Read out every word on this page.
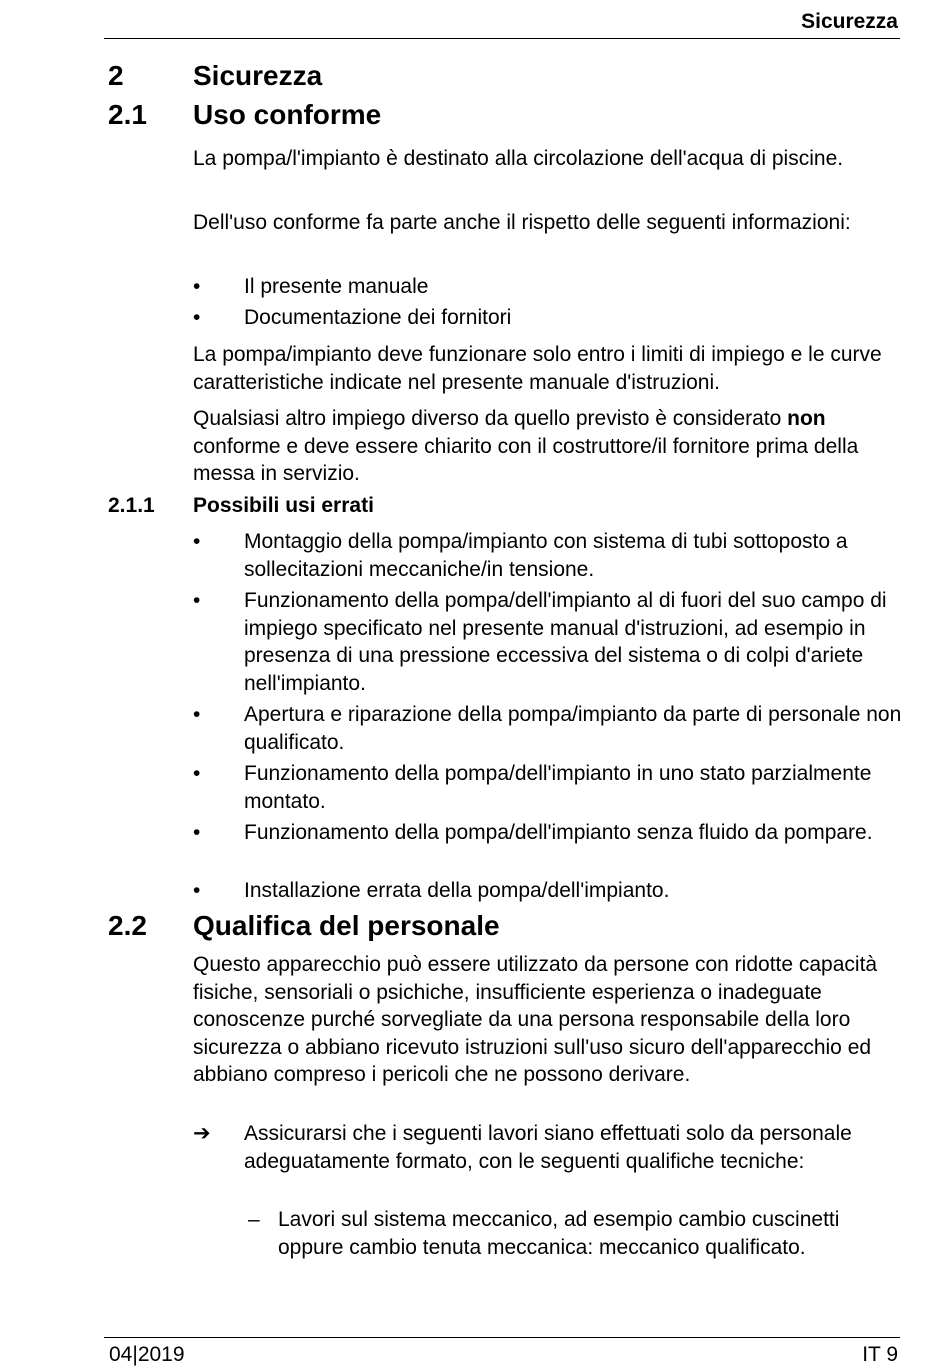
Sicurezza
2 Sicurezza
2.1 Uso conforme
La pompa/l'impianto è destinato alla circolazione dell'acqua di piscine.
Dell'uso conforme fa parte anche il rispetto delle seguenti informazioni:
• Il presente manuale
• Documentazione dei fornitori
La pompa/impianto deve funzionare solo entro i limiti di impiego e le curve caratteristiche indicate nel presente manuale d'istruzioni.
Qualsiasi altro impiego diverso da quello previsto è considerato non conforme e deve essere chiarito con il costruttore/il fornitore prima della messa in servizio.
2.1.1 Possibili usi errati
• Montaggio della pompa/impianto con sistema di tubi sottoposto a sollecitazioni meccaniche/in tensione.
• Funzionamento della pompa/dell'impianto al di fuori del suo campo di impiego specificato nel presente manual d'istruzioni, ad esempio in presenza di una pressione eccessiva del sistema o di colpi d'ariete nell'impianto.
• Apertura e riparazione della pompa/impianto da parte di personale non qualificato.
• Funzionamento della pompa/dell'impianto in uno stato parzialmente montato.
• Funzionamento della pompa/dell'impianto senza fluido da pompare.
• Installazione errata della pompa/dell'impianto.
2.2 Qualifica del personale
Questo apparecchio può essere utilizzato da persone con ridotte capacità fisiche, sensoriali o psichiche, insufficiente esperienza o inadeguate conoscenze purché sorvegliate da una persona responsabile della loro sicurezza o abbiano ricevuto istruzioni sull'uso sicuro dell'apparecchio ed abbiano compreso i pericoli che ne possono derivare.
➔ Assicurarsi che i seguenti lavori siano effettuati solo da personale adeguatamente formato, con le seguenti qualifiche tecniche:
– Lavori sul sistema meccanico, ad esempio cambio cuscinetti oppure cambio tenuta meccanica: meccanico qualificato.
04|2019	IT 9
